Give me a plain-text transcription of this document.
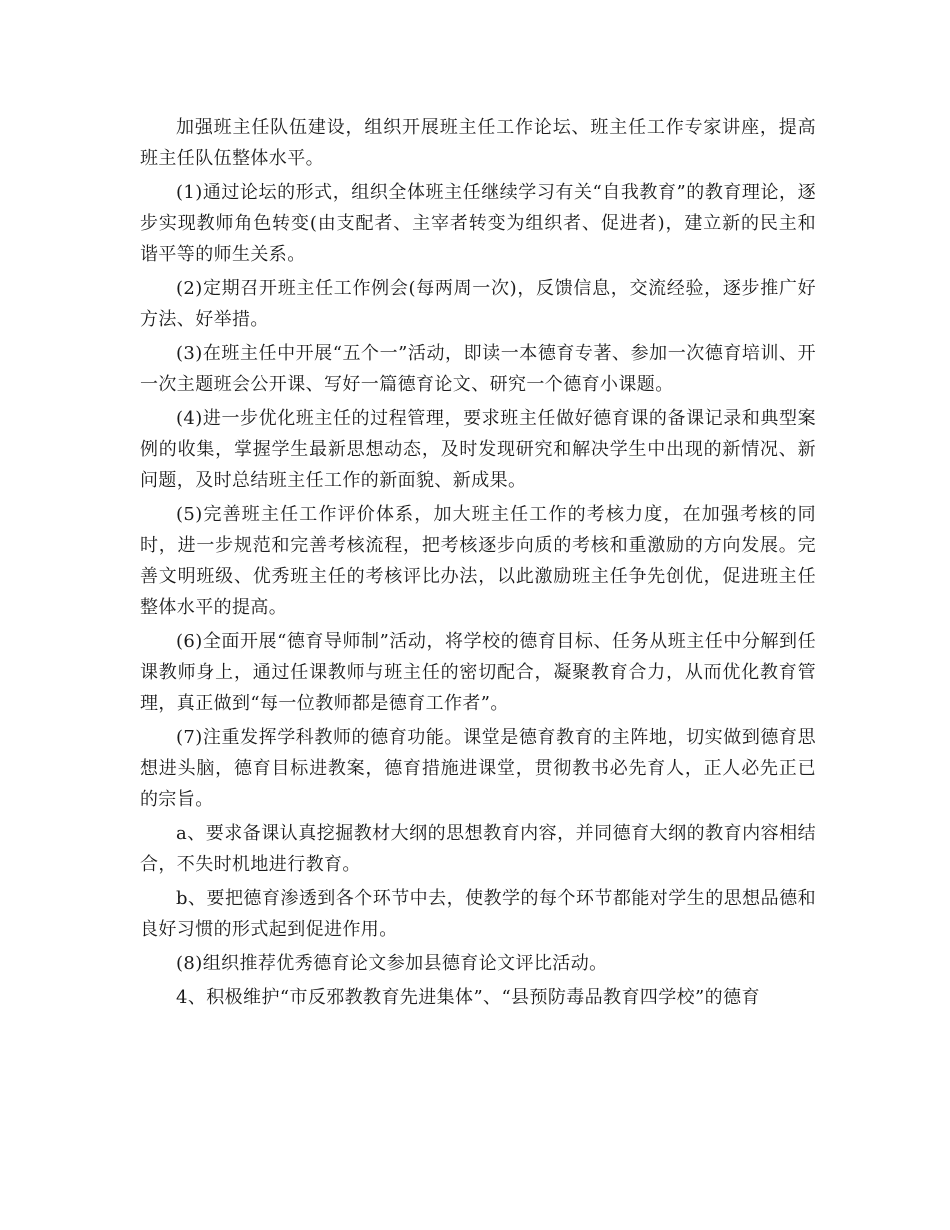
加强班主任队伍建设，组织开展班主任工作论坛、班主任工作专家讲座，提高班主任队伍整体水平。

(1)通过论坛的形式，组织全体班主任继续学习有关“自我教育”的教育理论，逐步实现教师角色转变(由支配者、主宰者转变为组织者、促进者)，建立新的民主和谐平等的师生关系。

(2)定期召开班主任工作例会(每两周一次)，反馈信息，交流经验，逐步推广好方法、好举措。

(3)在班主任中开展“五个一”活动，即读一本德育专著、参加一次德育培训、开一次主题班会公开课、写好一篇德育论文、研究一个德育小课题。

(4)进一步优化班主任的过程管理，要求班主任做好德育课的备课记录和典型案例的收集，掌握学生最新思想动态，及时发现研究和解决学生中出现的新情况、新问题，及时总结班主任工作的新面貌、新成果。

(5)完善班主任工作评价体系，加大班主任工作的考核力度，在加强考核的同时，进一步规范和完善考核流程，把考核逐步向质的考核和重激励的方向发展。完善文明班级、优秀班主任的考核评比办法，以此激励班主任争先创优，促进班主任整体水平的提高。

(6)全面开展“德育导师制”活动，将学校的德育目标、任务从班主任中分解到任课教师身上，通过任课教师与班主任的密切配合，凝聚教育合力，从而优化教育管理，真正做到“每一位教师都是德育工作者”。

(7)注重发挥学科教师的德育功能。课堂是德育教育的主阵地，切实做到德育思想进头脑，德育目标进教案，德育措施进课堂，贯彻教书必先育人，正人必先正已的宗旨。

a、要求备课认真挖掘教材大纲的思想教育内容，并同德育大纲的教育内容相结合，不失时机地进行教育。

b、要把德育渗透到各个环节中去，使教学的每个环节都能对学生的思想品德和良好习惯的形式起到促进作用。

(8)组织推荐优秀德育论文参加县德育论文评比活动。

4、积极维护“市反邪教教育先进集体”、“县预防毒品教育四学校”的德育
